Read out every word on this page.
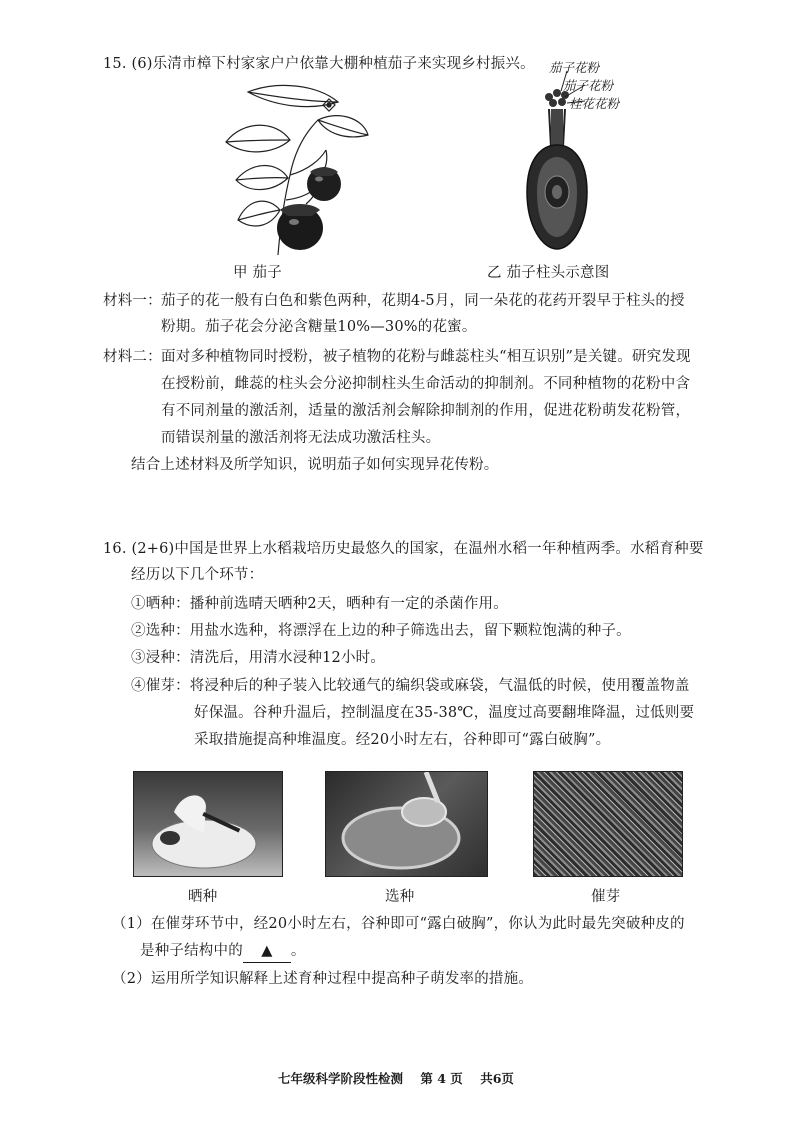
15. (6)乐清市樟下村家家户户依靠大棚种植茄子来实现乡村振兴。
甲 茄子
茄子花粉
茄子花粉
桂花花粉
乙 茄子柱头示意图
材料一： 茄子的花一般有白色和紫色两种，花期4-5月，同一朵花的花药开裂早于柱头的授
粉期。茄子花会分泌含糖量10%—30%的花蜜。
材料二： 面对多种植物同时授粉，被子植物的花粉与雌蕊柱头“相互识别”是关键。研究发现
在授粉前，雌蕊的柱头会分泌抑制柱头生命活动的抑制剂。不同种植物的花粉中含
有不同剂量的激活剂，适量的激活剂会解除抑制剂的作用，促进花粉萌发花粉管，
而错误剂量的激活剂将无法成功激活柱头。
结合上述材料及所学知识，说明茄子如何实现异花传粉。
16. (2+6)中国是世界上水稻栽培历史最悠久的国家，在温州水稻一年种植两季。水稻育种要
经历以下几个环节：
①晒种：播种前选晴天晒种2天，晒种有一定的杀菌作用。
②选种：用盐水选种，将漂浮在上边的种子筛选出去，留下颗粒饱满的种子。
③浸种：清洗后，用清水浸种12小时。
④催芽：将浸种后的种子装入比较通气的编织袋或麻袋，气温低的时候，使用覆盖物盖
好保温。谷种升温后，控制温度在35-38℃，温度过高要翻堆降温，过低则要
采取措施提高种堆温度。经20小时左右，谷种即可“露白破胸”。
晒种	选种	催芽
（1）在催芽环节中，经20小时左右，谷种即可“露白破胸”，你认为此时最先突破种皮的
是种子结构中的 ▲ 。
（2）运用所学知识解释上述育种过程中提高种子萌发率的措施。
七年级科学阶段性检测    第 4 页    共6页
